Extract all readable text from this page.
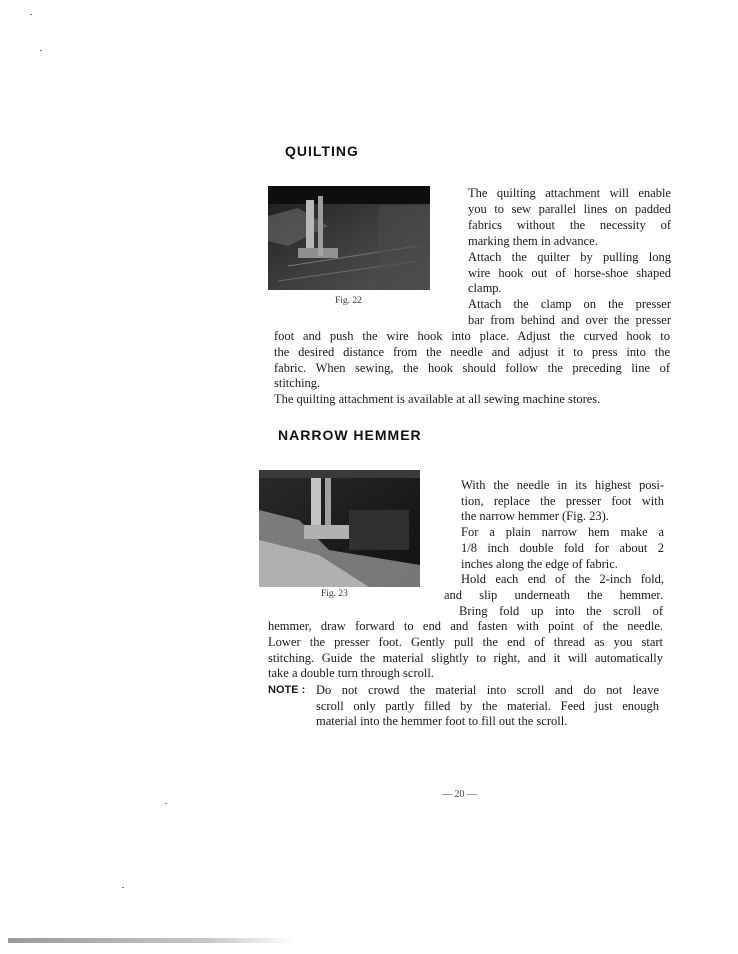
QUILTING
Fig. 22
The quilting attachment will enable
you to sew parallel lines on padded
fabrics without the necessity of
marking them in advance.
Attach the quilter by pulling long
wire hook out of horse-shoe shaped
clamp.
Attach the clamp on the presser
bar from behind and over the presser
foot and push the wire hook into place. Adjust the curved hook to
the desired distance from the needle and adjust it to press into the
fabric. When sewing, the hook should follow the preceding line of
stitching.
The quilting attachment is available at all sewing machine stores.
NARROW HEMMER
Fig. 23
With the needle in its highest posi-
tion, replace the presser foot with
the narrow hemmer (Fig. 23).
For a plain narrow hem make a
1/8 inch double fold for about 2
inches along the edge of fabric.
Hold each end of the 2-inch fold,
and slip underneath the hemmer.
Bring fold up into the scroll of
hemmer, draw forward to end and fasten with point of the needle.
Lower the presser foot. Gently pull the end of thread as you start
stitching. Guide the material slightly to right, and it will automatically
take a double turn through scroll.
NOTE : Do not crowd the material into scroll and do not leave
scroll only partly filled by the material. Feed just enough
material into the hemmer foot to fill out the scroll.
— 20 —
